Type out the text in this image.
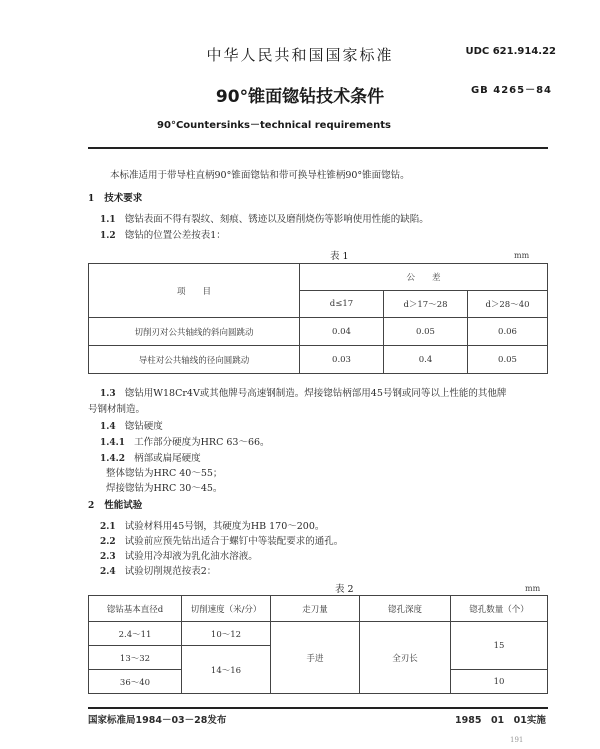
中华人民共和国国家标准	UDC 621.914.22
90°锥面锪钻技术条件	GB 4265－84
90°Countersinks－technical requirements
本标准适用于带导柱直柄90°锥面锪钻和带可换导柱锥柄90°锥面锪钻。
1 技术要求
1.1 锪钻表面不得有裂纹、刻痕、锈迹以及磨削烧伤等影响使用性能的缺陷。
1.2 锪钻的位置公差按表1：
表 1	mm
项　　目	公　　差		
	d≤17	d＞17～28	d＞28～40
切削刃对公共轴线的斜向圆跳动	0.04	0.05	0.06
导柱对公共轴线的径向圆跳动	0.03	0.4	0.05
1.3 锪钻用W18Cr4V或其他牌号高速钢制造。焊接锪钻柄部用45号钢或同等以上性能的其他牌
号钢材制造。
1.4 锪钻硬度
1.4.1 工作部分硬度为HRC 63～66。
1.4.2 柄部或扁尾硬度
整体锪钻为HRC 40～55；
焊接锪钻为HRC 30～45。
2 性能试验
2.1 试验材料用45号钢，其硬度为HB 170～200。
2.2 试验前应预先钻出适合于螺钉中等装配要求的通孔。
2.3 试验用冷却液为乳化油水溶液。
2.4 试验切削规范按表2：
表 2	mm
锪钻基本直径d	切削速度（米/分）	走刀量	锪孔深度	锪孔数量（个）
2.4～11	10～12	手进	全刃长	15
13～32	14～16			
36～40				10
国家标准局1984－03－28发布	1985　01　01实施
191
